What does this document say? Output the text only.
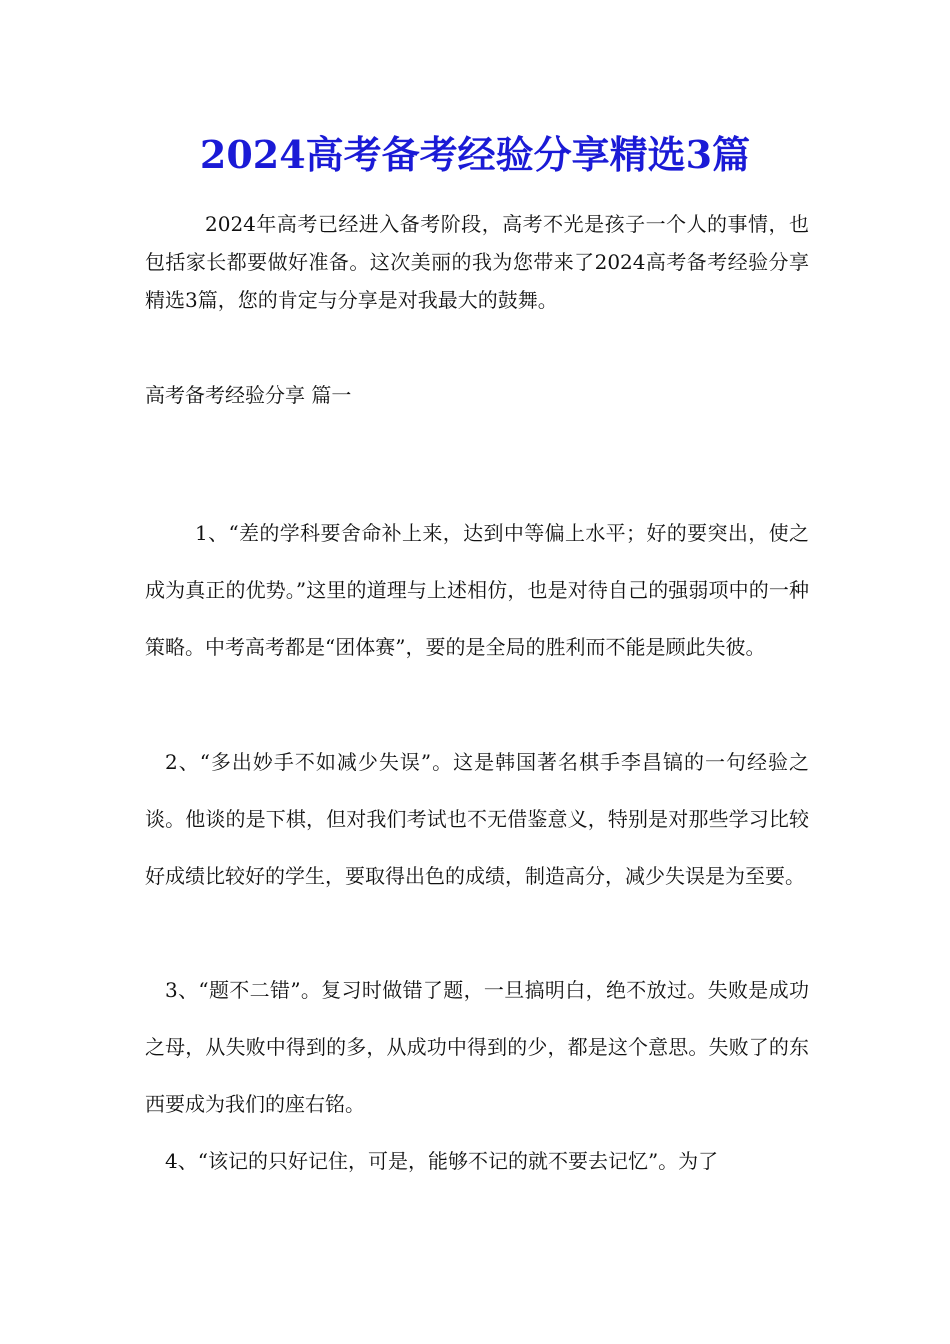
2024高考备考经验分享精选3篇

2024年高考已经进入备考阶段，高考不光是孩子一个人的事情，也包括家长都要做好准备。这次美丽的我为您带来了2024高考备考经验分享精选3篇，您的肯定与分享是对我最大的鼓舞。

高考备考经验分享 篇一

1、“差的学科要舍命补上来，达到中等偏上水平；好的要突出，使之成为真正的优势。”这里的道理与上述相仿，也是对待自己的强弱项中的一种策略。中考高考都是“团体赛”，要的是全局的胜利而不能是顾此失彼。

2、“多出妙手不如减少失误”。这是韩国著名棋手李昌镐的一句经验之谈。他谈的是下棋，但对我们考试也不无借鉴意义，特别是对那些学习比较好成绩比较好的学生，要取得出色的成绩，制造高分，减少失误是为至要。

3、“题不二错”。复习时做错了题，一旦搞明白，绝不放过。失败是成功之母，从失败中得到的多，从成功中得到的少，都是这个意思。失败了的东西要成为我们的座右铭。

4、“该记的只好记住，可是，能够不记的就不要去记忆”。为了
